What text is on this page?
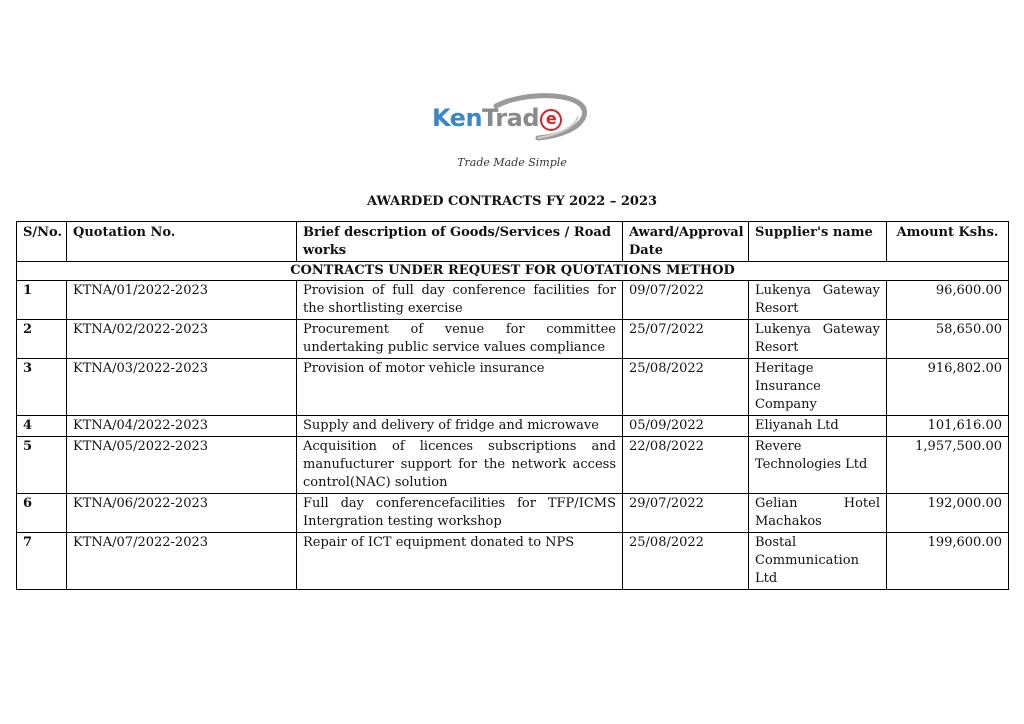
KenTrad e
Trade Made Simple
AWARDED CONTRACTS FY 2022 – 2023
S/No.	Quotation No.	Brief description of Goods/Services / Road works	Award/Approval Date	Supplier's name	Amount Kshs.
CONTRACTS UNDER REQUEST FOR QUOTATIONS METHOD					
1	KTNA/01/2022-2023	Provision of full day conference facilities for the shortlisting exercise	09/07/2022	Lukenya Gateway Resort	96,600.00
2	KTNA/02/2022-2023	Procurement of venue for committee undertaking public service values compliance	25/07/2022	Lukenya Gateway Resort	58,650.00
3	KTNA/03/2022-2023	Provision of motor vehicle insurance	25/08/2022	Heritage Insurance Company	916,802.00
4	KTNA/04/2022-2023	Supply and delivery of fridge and microwave	05/09/2022	Eliyanah Ltd	101,616.00
5	KTNA/05/2022-2023	Acquisition of licences subscriptions and manufucturer support for the network access control(NAC) solution	22/08/2022	Revere Technologies Ltd	1,957,500.00
6	KTNA/06/2022-2023	Full day conferencefacilities for TFP/ICMS Intergration testing workshop	29/07/2022	Gelian Hotel Machakos	192,000.00
7	KTNA/07/2022-2023	Repair of ICT equipment donated to NPS	25/08/2022	Bostal Communication Ltd	199,600.00
